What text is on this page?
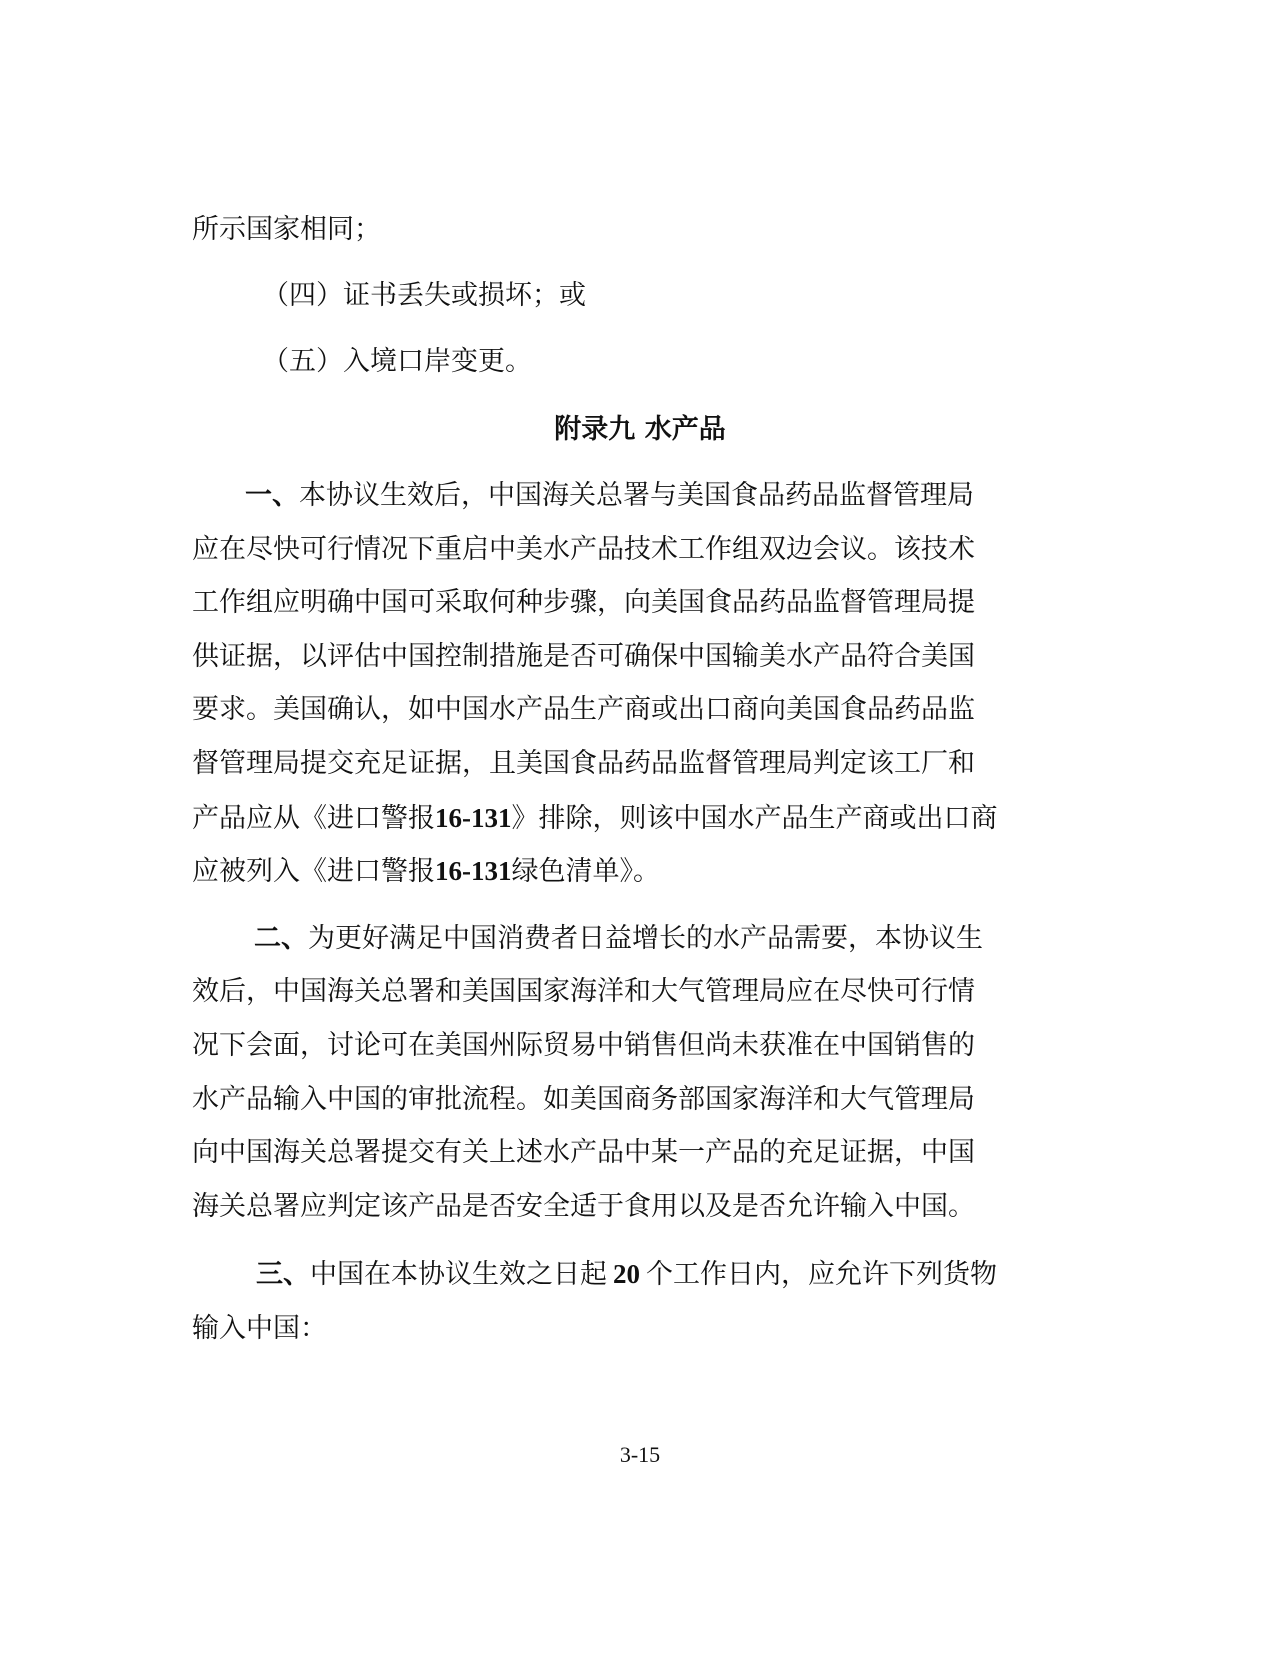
所示国家相同；
（四）证书丢失或损坏；或
（五）入境口岸变更。
附录九 水产品
一、本协议生效后，中国海关总署与美国食品药品监督管理局
应在尽快可行情况下重启中美水产品技术工作组双边会议。该技术
工作组应明确中国可采取何种步骤，向美国食品药品监督管理局提
供证据，以评估中国控制措施是否可确保中国输美水产品符合美国
要求。美国确认，如中国水产品生产商或出口商向美国食品药品监
督管理局提交充足证据，且美国食品药品监督管理局判定该工厂和
产品应从《进口警报16-131》排除，则该中国水产品生产商或出口商
应被列入《进口警报16-131绿色清单》。
二、为更好满足中国消费者日益增长的水产品需要，本协议生
效后，中国海关总署和美国国家海洋和大气管理局应在尽快可行情
况下会面，讨论可在美国州际贸易中销售但尚未获准在中国销售的
水产品输入中国的审批流程。如美国商务部国家海洋和大气管理局
向中国海关总署提交有关上述水产品中某一产品的充足证据，中国
海关总署应判定该产品是否安全适于食用以及是否允许输入中国。
三、中国在本协议生效之日起 20 个工作日内，应允许下列货物
输入中国：
3-15
